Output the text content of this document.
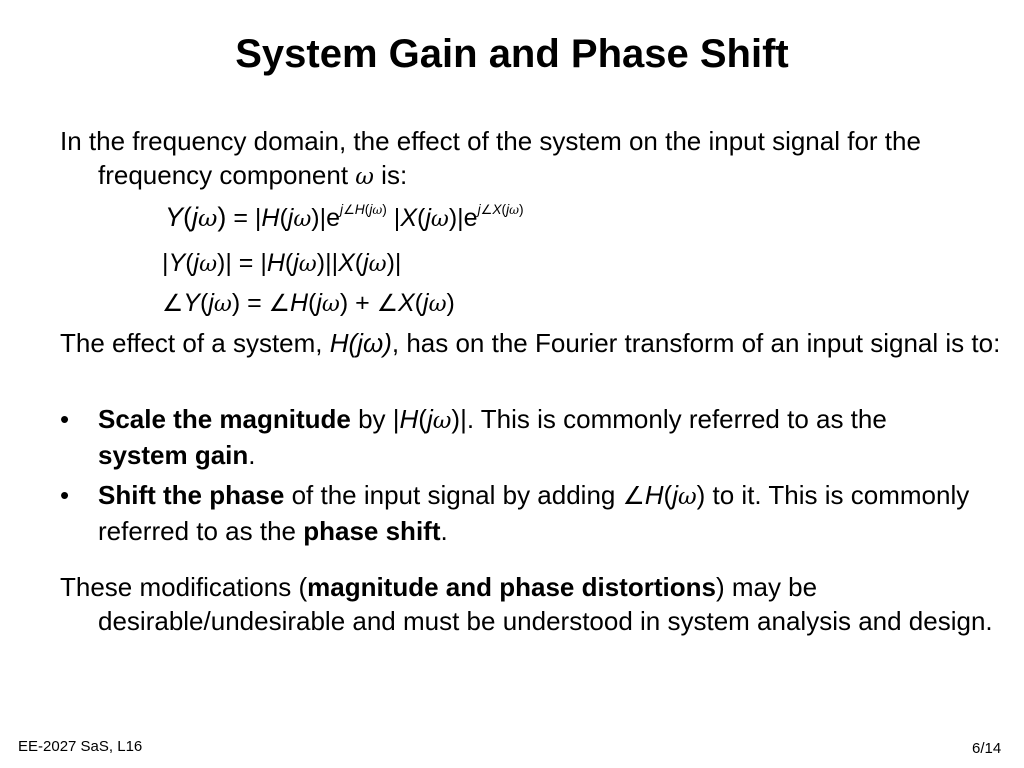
System Gain and Phase Shift
In the frequency domain, the effect of the system on the input signal for the frequency component ω is:
$Y(j\omega) = |H(j\omega)|e^{j\angle H(j\omega)}$ $|X(j\omega)|e^{j\angle X(j\omega)}$
|Y(jω)| = |H(jω)||X(jω)|
∠Y(jω) = ∠H(jω) + ∠X(jω)
The effect of a system, H(jω), has on the Fourier transform of an input signal is to:
• Scale the magnitude by |H(jω)|. This is commonly referred to as the system gain.
• Shift the phase of the input signal by adding ∠H(jω) to it. This is commonly referred to as the phase shift.
These modifications (magnitude and phase distortions) may be desirable/undesirable and must be understood in system analysis and design.
EE-2027 SaS, L16	6/14
